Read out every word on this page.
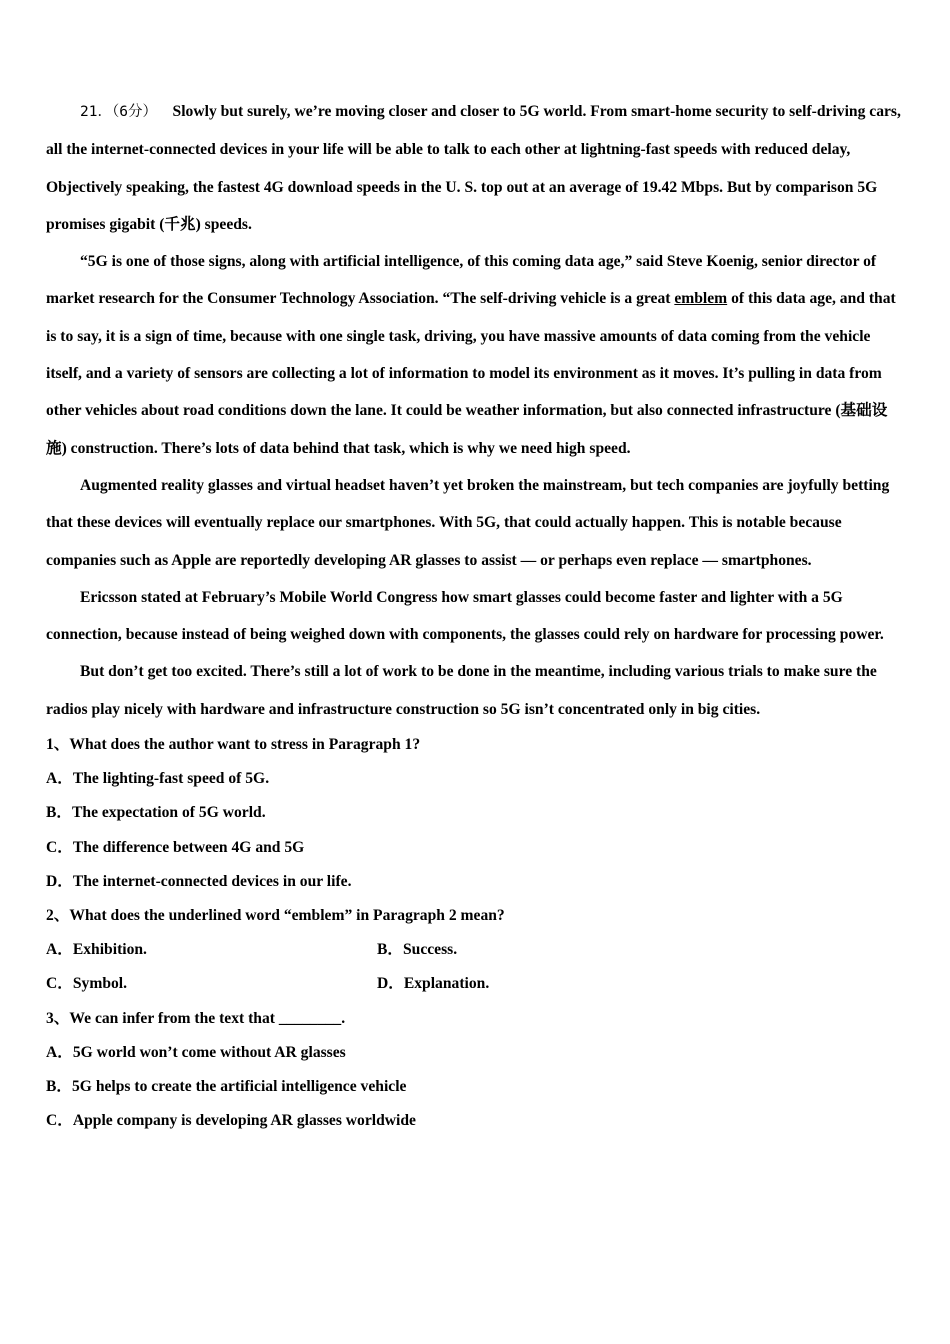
21．（6分） Slowly but surely, we’re moving closer and closer to 5G world. From smart-home security to self-driving cars, all the internet-connected devices in your life will be able to talk to each other at lightning-fast speeds with reduced delay, Objectively speaking, the fastest 4G download speeds in the U. S. top out at an average of 19.42 Mbps. But by comparison 5G promises gigabit (千兆) speeds.

“5G is one of those signs, along with artificial intelligence, of this coming data age,” said Steve Koenig, senior director of market research for the Consumer Technology Association. “The self-driving vehicle is a great emblem of this data age, and that is to say, it is a sign of time, because with one single task, driving, you have massive amounts of data coming from the vehicle itself, and a variety of sensors are collecting a lot of information to model its environment as it moves. It’s pulling in data from other vehicles about road conditions down the lane. It could be weather information, but also connected infrastructure (基础设施) construction. There’s lots of data behind that task, which is why we need high speed.

Augmented reality glasses and virtual headset haven’t yet broken the mainstream, but tech companies are joyfully betting that these devices will eventually replace our smartphones. With 5G, that could actually happen. This is notable because companies such as Apple are reportedly developing AR glasses to assist — or perhaps even replace — smartphones.

Ericsson stated at February’s Mobile World Congress how smart glasses could become faster and lighter with a 5G connection, because instead of being weighed down with components, the glasses could rely on hardware for processing power.

But don’t get too excited. There’s still a lot of work to be done in the meantime, including various trials to make sure the radios play nicely with hardware and infrastructure construction so 5G isn’t concentrated only in big cities.

1、What does the author want to stress in Paragraph 1?

A．The lighting-fast speed of 5G.

B．The expectation of 5G world.

C．The difference between 4G and 5G

D．The internet-connected devices in our life.

2、What does the underlined word “emblem” in Paragraph 2 mean?

A．Exhibition.	B．Success.
C．Symbol.	D．Explanation.

3、We can infer from the text that ________.

A．5G world won’t come without AR glasses

B．5G helps to create the artificial intelligence vehicle

C．Apple company is developing AR glasses worldwide
